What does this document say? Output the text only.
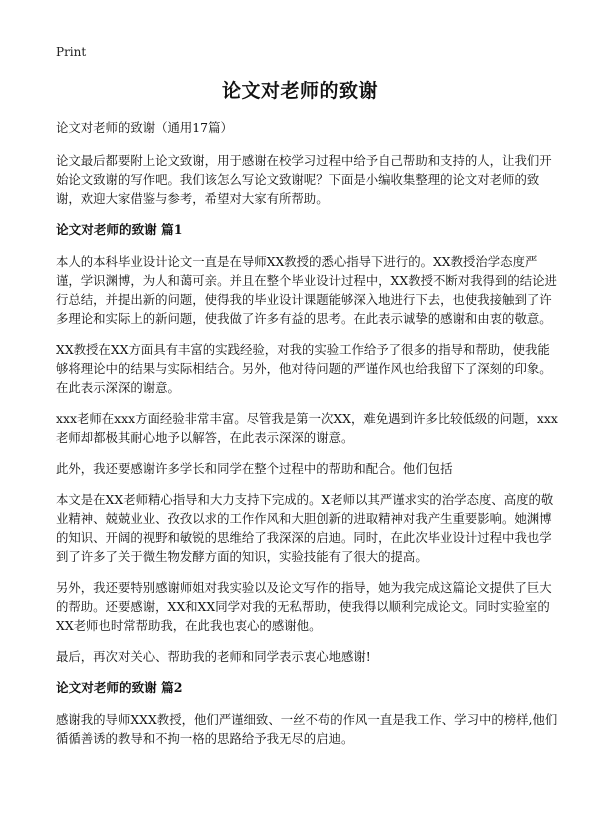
Print
论文对老师的致谢

论文对老师的致谢（通用17篇）

论文最后都要附上论文致谢，用于感谢在校学习过程中给予自己帮助和支持的人，让我们开始论文致谢的写作吧。我们该怎么写论文致谢呢？下面是小编收集整理的论文对老师的致谢，欢迎大家借鉴与参考，希望对大家有所帮助。

论文对老师的致谢 篇1

本人的本科毕业设计论文一直是在导师XX教授的悉心指导下进行的。XX教授治学态度严谨，学识渊博，为人和蔼可亲。并且在整个毕业设计过程中，XX教授不断对我得到的结论进行总结，并提出新的问题，使得我的毕业设计课题能够深入地进行下去，也使我接触到了许多理论和实际上的新问题，使我做了许多有益的思考。在此表示诚挚的感谢和由衷的敬意。

XX教授在XX方面具有丰富的实践经验，对我的实验工作给予了很多的指导和帮助，使我能够将理论中的结果与实际相结合。另外，他对待问题的严谨作风也给我留下了深刻的印象。在此表示深深的谢意。

xxx老师在xxx方面经验非常丰富。尽管我是第一次XX，难免遇到许多比较低级的问题，xxx老师却都极其耐心地予以解答，在此表示深深的谢意。

此外，我还要感谢许多学长和同学在整个过程中的帮助和配合。他们包括

本文是在XX老师精心指导和大力支持下完成的。X老师以其严谨求实的治学态度、高度的敬业精神、兢兢业业、孜孜以求的工作作风和大胆创新的进取精神对我产生重要影响。她渊博的知识、开阔的视野和敏锐的思维给了我深深的启迪。同时，在此次毕业设计过程中我也学到了许多了关于微生物发酵方面的知识，实验技能有了很大的提高。

另外，我还要特别感谢师姐对我实验以及论文写作的指导，她为我完成这篇论文提供了巨大的帮助。还要感谢，XX和XX同学对我的无私帮助，使我得以顺利完成论文。同时实验室的XX老师也时常帮助我，在此我也衷心的感谢他。

最后，再次对关心、帮助我的老师和同学表示衷心地感谢!

论文对老师的致谢 篇2

感谢我的导师XXX教授，他们严谨细致、一丝不苟的作风一直是我工作、学习中的榜样,他们循循善诱的教导和不拘一格的思路给予我无尽的启迪。
